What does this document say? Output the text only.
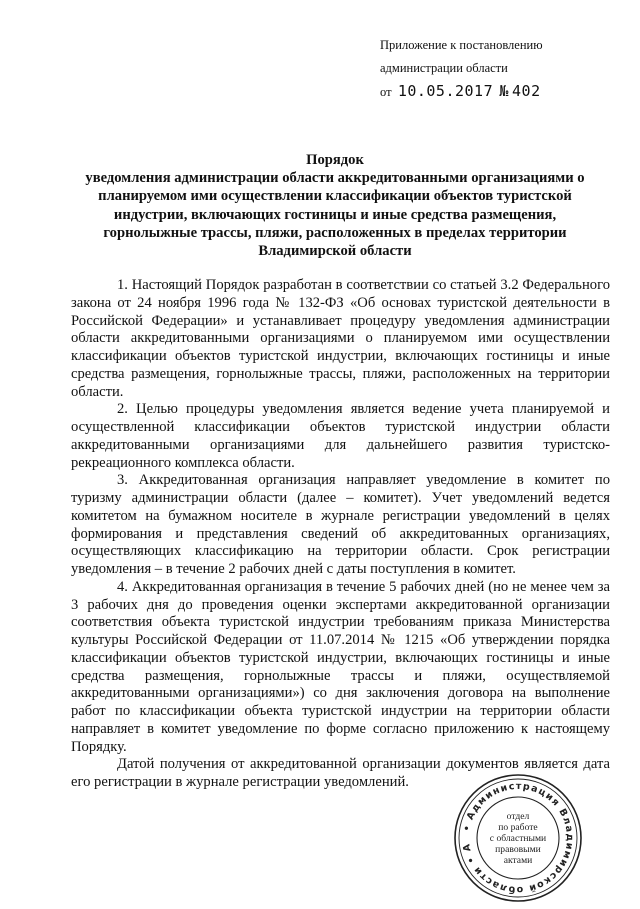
Приложение к постановлению
администрации области
от 10.05.2017 № 402
Порядок
уведомления администрации области аккредитованными организациями о планируемом ими осуществлении классификации объектов туристской индустрии, включающих гостиницы и иные средства размещения, горнолыжные трассы, пляжи, расположенных в пределах территории Владимирской области

1. Настоящий Порядок разработан в соответствии со статьей 3.2 Федерального закона от 24 ноября 1996 года № 132-ФЗ «Об основах туристской деятельности в Российской Федерации» и устанавливает процедуру уведомления администрации области аккредитованными организациями о планируемом ими осуществлении классификации объектов туристской индустрии, включающих гостиницы и иные средства размещения, горнолыжные трассы, пляжи, расположенных на территории области.

2. Целью процедуры уведомления является ведение учета планируемой и осуществленной классификации объектов туристской индустрии области аккредитованными организациями для дальнейшего развития туристско-рекреационного комплекса области.

3. Аккредитованная организация направляет уведомление в комитет по туризму администрации области (далее – комитет). Учет уведомлений ведется комитетом на бумажном носителе в журнале регистрации уведомлений в целях формирования и представления сведений об аккредитованных организациях, осуществляющих классификацию на территории области. Срок регистрации уведомления – в течение 2 рабочих дней с даты поступления в комитет.

4. Аккредитованная организация в течение 5 рабочих дней (но не менее чем за 3 рабочих дня до проведения оценки экспертами аккредитованной организации соответствия объекта туристской индустрии требованиям приказа Министерства культуры Российской Федерации от 11.07.2014 № 1215 «Об утверждении порядка классификации объектов туристской индустрии, включающих гостиницы и иные средства размещения, горнолыжные трассы и пляжи, осуществляемой аккредитованными организациями») со дня заключения договора на выполнение работ по классификации объекта туристской индустрии на территории области направляет в комитет уведомление по форме согласно приложению к настоящему Порядку.

Датой получения от аккредитованной организации документов является дата его регистрации в журнале регистрации уведомлений.

• Администрация Владимирской области • А
отдел
по работе
с областными
правовыми
актами
